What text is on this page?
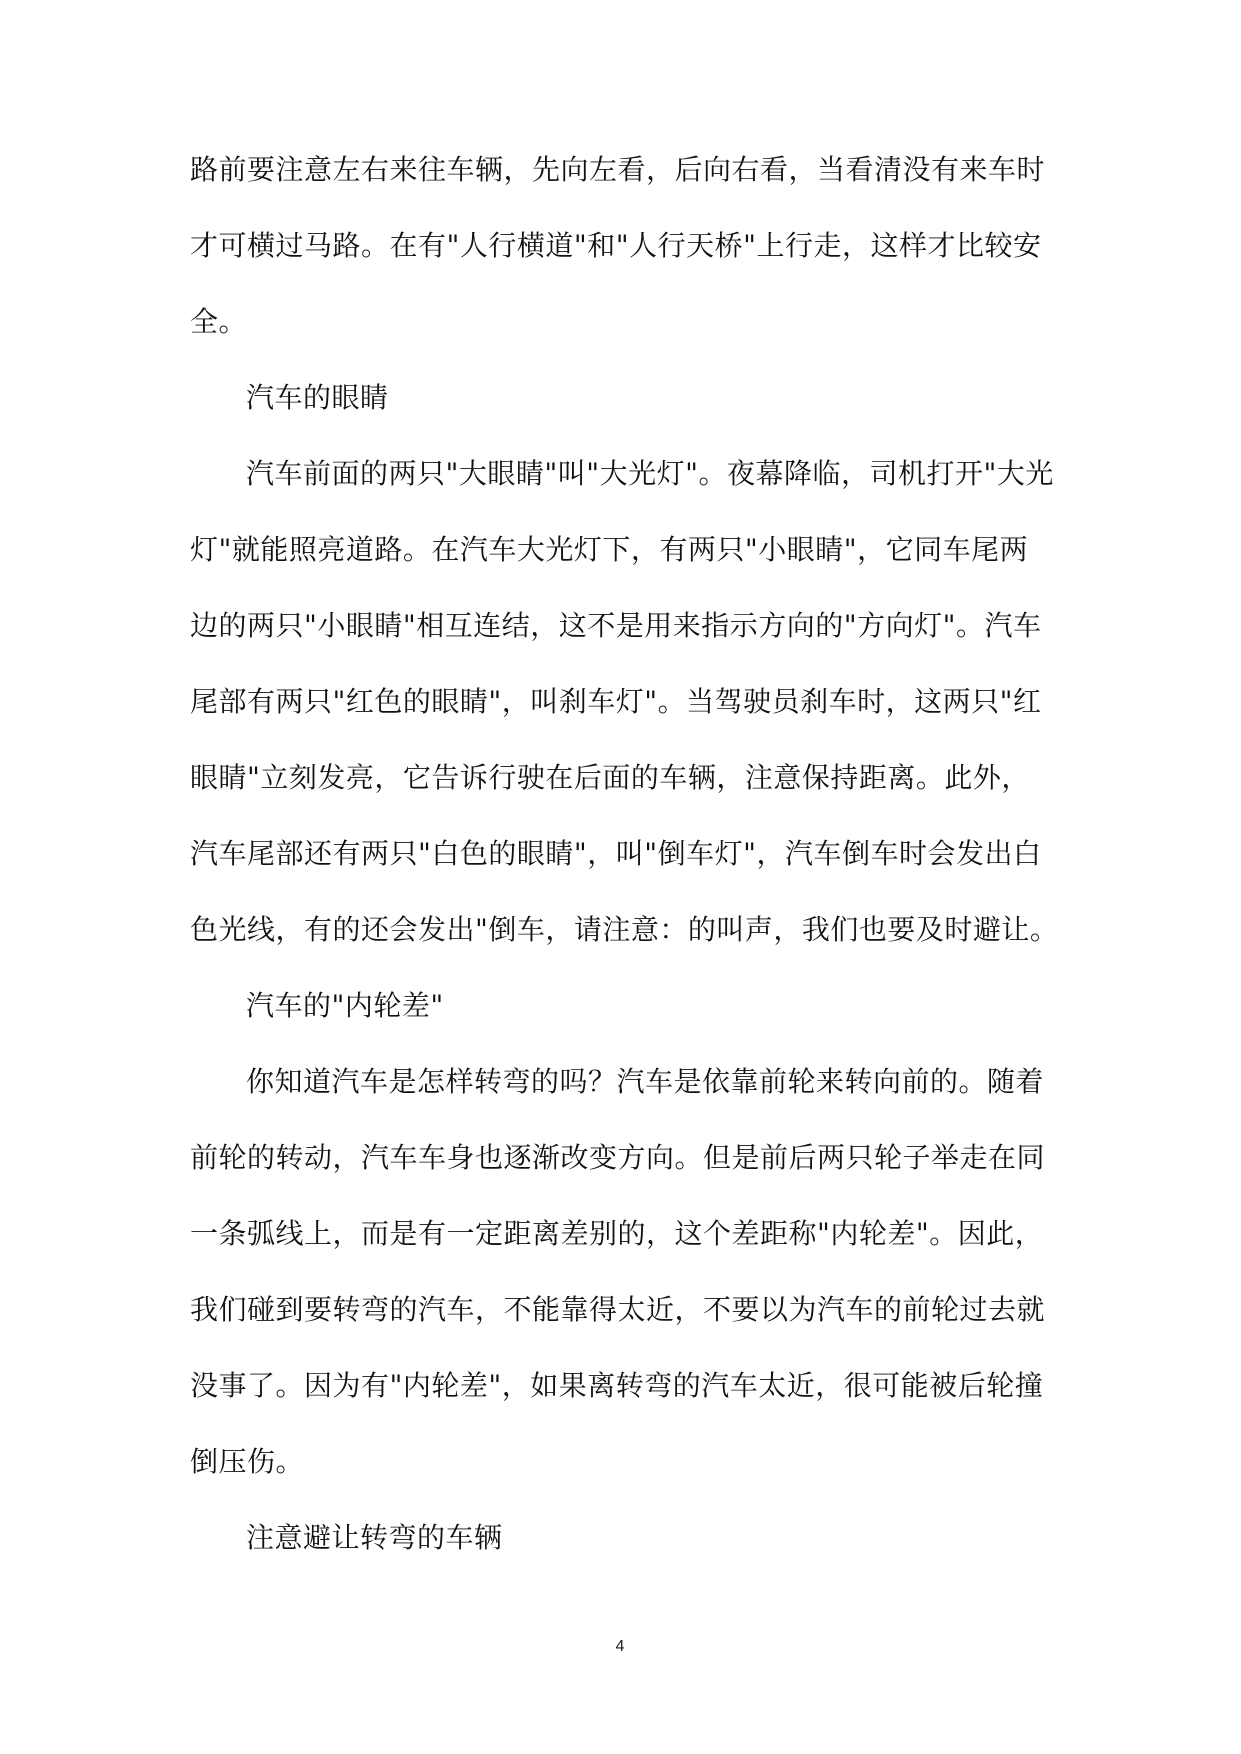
路前要注意左右来往车辆，先向左看，后向右看，当看清没有来车时
才可横过马路。在有"人行横道"和"人行天桥"上行走，这样才比较安
全。
汽车的眼睛
汽车前面的两只"大眼睛"叫"大光灯"。夜幕降临，司机打开"大光
灯"就能照亮道路。在汽车大光灯下，有两只"小眼睛"，它同车尾两
边的两只"小眼睛"相互连结，这不是用来指示方向的"方向灯"。汽车
尾部有两只"红色的眼睛"，叫刹车灯"。当驾驶员刹车时，这两只"红
眼睛"立刻发亮，它告诉行驶在后面的车辆，注意保持距离。此外，
汽车尾部还有两只"白色的眼睛"，叫"倒车灯"，汽车倒车时会发出白
色光线，有的还会发出"倒车，请注意：的叫声，我们也要及时避让。
汽车的"内轮差"
你知道汽车是怎样转弯的吗？汽车是依靠前轮来转向前的。随着
前轮的转动，汽车车身也逐渐改变方向。但是前后两只轮子举走在同
一条弧线上，而是有一定距离差别的，这个差距称"内轮差"。因此，
我们碰到要转弯的汽车，不能靠得太近，不要以为汽车的前轮过去就
没事了。因为有"内轮差"，如果离转弯的汽车太近，很可能被后轮撞
倒压伤。
注意避让转弯的车辆
4
